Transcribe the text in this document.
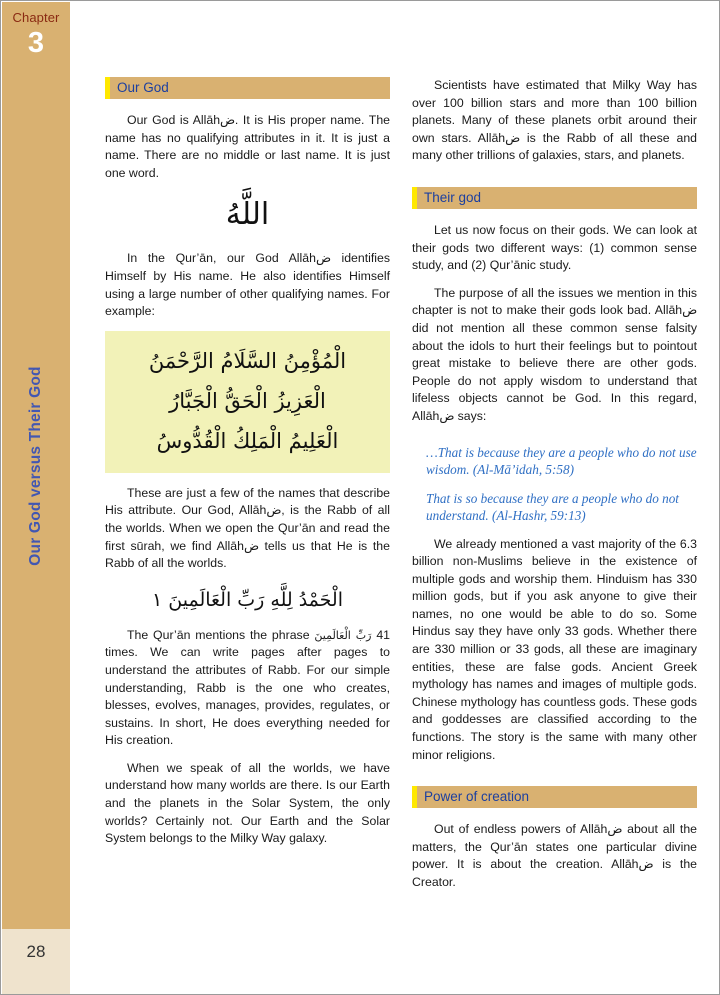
Our God versus Their God
Chapter
3
28
Our God

Our God is Allāhض. It is His proper name. The name has no qualifying attributes in it. It is just a name. There are no middle or last name. It is just one word.

اللَّهُ

In the Qur’ān, our God Allāhض identifies Himself by His name. He also identifies Himself using a large number of other qualifying names. For example:

الْمُؤْمِنُ السَّلَامُ الرَّحْمَنُ
الْعَزِيزُ الْحَقُّ الْجَبَّارُ
الْعَلِيمُ الْمَلِكُ الْقُدُّوسُ

These are just a few of the names that describe His attribute. Our God, Allāhض, is the Rabb of all the worlds. When we open the Qur’ān and read the first sūrah, we find Allāhض tells us that He is the Rabb of all the worlds.

الْحَمْدُ لِلَّهِ رَبِّ الْعَالَمِينَ ١

The Qur’ān mentions the phrase رَبِّ الْعَالَمِينَ 41 times. We can write pages after pages to understand the attributes of Rabb. For our simple understanding, Rabb is the one who creates, blesses, evolves, manages, provides, regulates, or sustains. In short, He does everything needed for His creation.

When we speak of all the worlds, we have understand how many worlds are there. Is our Earth and the planets in the Solar System, the only worlds? Certainly not. Our Earth and the Solar System belongs to the Milky Way galaxy.

Scientists have estimated that Milky Way has over 100 billion stars and more than 100 billion planets. Many of these planets orbit around their own stars. Allāhض is the Rabb of all these and many other trillions of galaxies, stars, and planets.

Their god

Let us now focus on their gods. We can look at their gods two different ways: (1) common sense study, and (2) Qur’ānic study.

The purpose of all the issues we mention in this chapter is not to make their gods look bad. Allāhض did not mention all these common sense falsity about the idols to hurt their feelings but to pointout great mistake to believe there are other gods. People do not apply wisdom to understand that lifeless objects cannot be God. In this regard, Allāhض says:

…That is because they are a people who do not use wisdom. (Al-Mā’idah, 5:58)

That is so because they are a people who do not understand. (Al-Hashr, 59:13)

We already mentioned a vast majority of the 6.3 billion non-Muslims believe in the existence of multiple gods and worship them. Hinduism has 330 million gods, but if you ask anyone to give their names, no one would be able to do so. Some Hindus say they have only 33 gods. Whether there are 330 million or 33 gods, all these are imaginary entities, these are false gods. Ancient Greek mythology has names and images of multiple gods. Chinese mythology has countless gods. These gods and goddesses are classified according to the functions. The story is the same with many other minor religions.

Power of creation

Out of endless powers of Allāhض about all the matters, the Qur’ān states one particular divine power. It is about the creation. Allāhض is the Creator.
